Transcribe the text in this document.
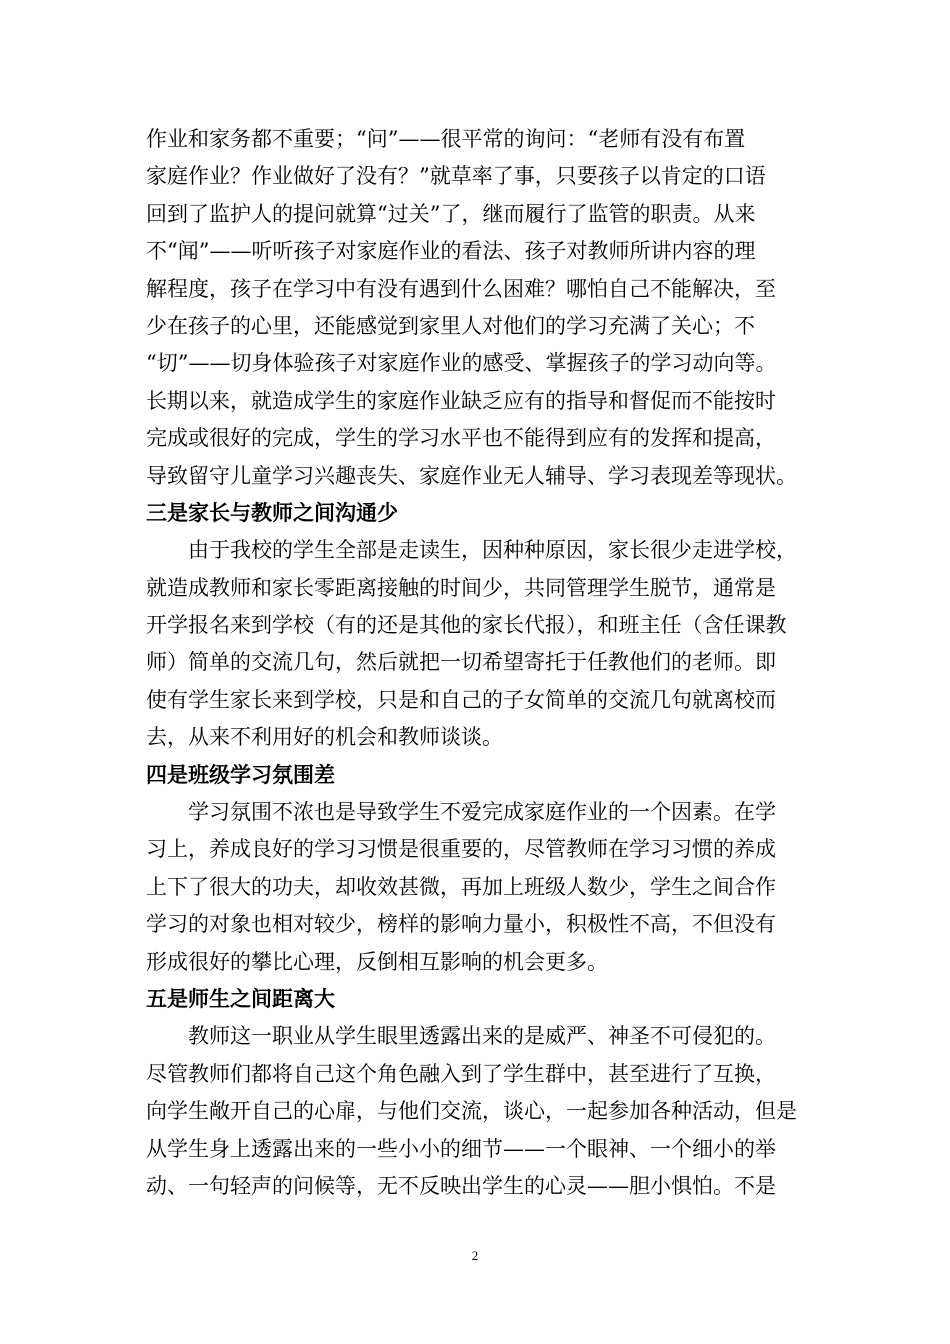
作业和家务都不重要；“问”——很平常的询问：“老师有没有布置
家庭作业？作业做好了没有？”就草率了事，只要孩子以肯定的口语
回到了监护人的提问就算“过关”了，继而履行了监管的职责。从来
不“闻”——听听孩子对家庭作业的看法、孩子对教师所讲内容的理
解程度，孩子在学习中有没有遇到什么困难？哪怕自己不能解决，至
少在孩子的心里，还能感觉到家里人对他们的学习充满了关心；不
“切”——切身体验孩子对家庭作业的感受、掌握孩子的学习动向等。
长期以来，就造成学生的家庭作业缺乏应有的指导和督促而不能按时
完成或很好的完成，学生的学习水平也不能得到应有的发挥和提高，
导致留守儿童学习兴趣丧失、家庭作业无人辅导、学习表现差等现状。
三是家长与教师之间沟通少
由于我校的学生全部是走读生，因种种原因，家长很少走进学校，
就造成教师和家长零距离接触的时间少，共同管理学生脱节，通常是
开学报名来到学校（有的还是其他的家长代报），和班主任（含任课教
师）简单的交流几句，然后就把一切希望寄托于任教他们的老师。即
使有学生家长来到学校，只是和自己的子女简单的交流几句就离校而
去，从来不利用好的机会和教师谈谈。
四是班级学习氛围差
学习氛围不浓也是导致学生不爱完成家庭作业的一个因素。在学
习上，养成良好的学习习惯是很重要的，尽管教师在学习习惯的养成
上下了很大的功夫，却收效甚微，再加上班级人数少，学生之间合作
学习的对象也相对较少，榜样的影响力量小，积极性不高，不但没有
形成很好的攀比心理，反倒相互影响的机会更多。
五是师生之间距离大
教师这一职业从学生眼里透露出来的是威严、神圣不可侵犯的。
尽管教师们都将自己这个角色融入到了学生群中，甚至进行了互换，
向学生敞开自己的心扉，与他们交流，谈心，一起参加各种活动，但是
从学生身上透露出来的一些小小的细节——一个眼神、一个细小的举
动、一句轻声的问候等，无不反映出学生的心灵——胆小惧怕。不是
2
